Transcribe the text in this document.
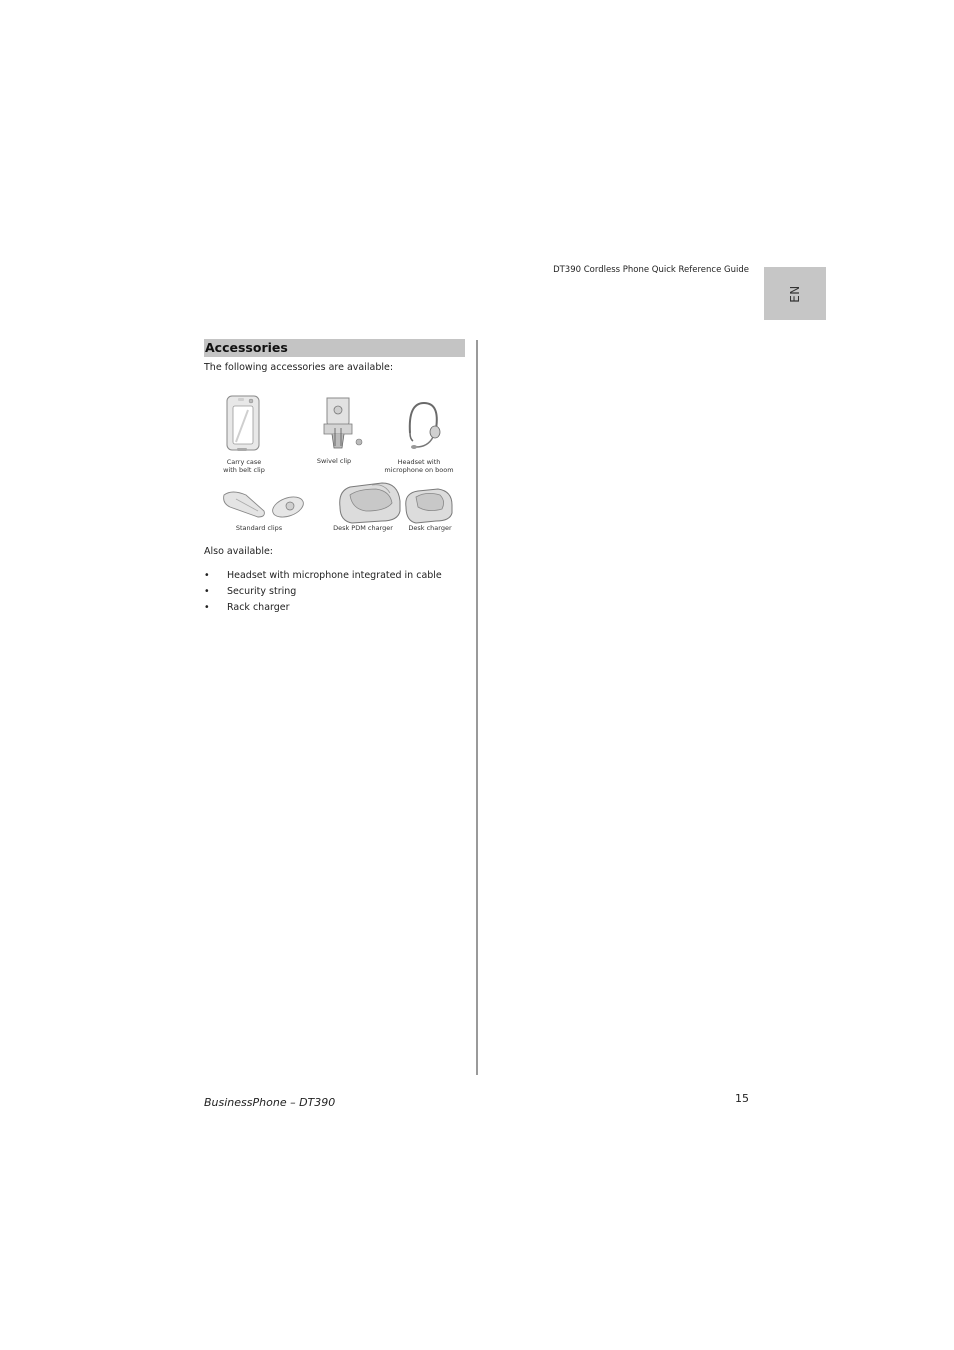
DT390 Cordless Phone Quick Reference Guide
EN
Accessories
The following accessories are available:
Carry case
with belt clip
Swivel clip	Headset with
microphone on boom
Standard clips	Desk PDM charger	Desk charger
Also available:
• Headset with microphone integrated in cable
• Security string
• Rack charger
BusinessPhone – DT390	15
